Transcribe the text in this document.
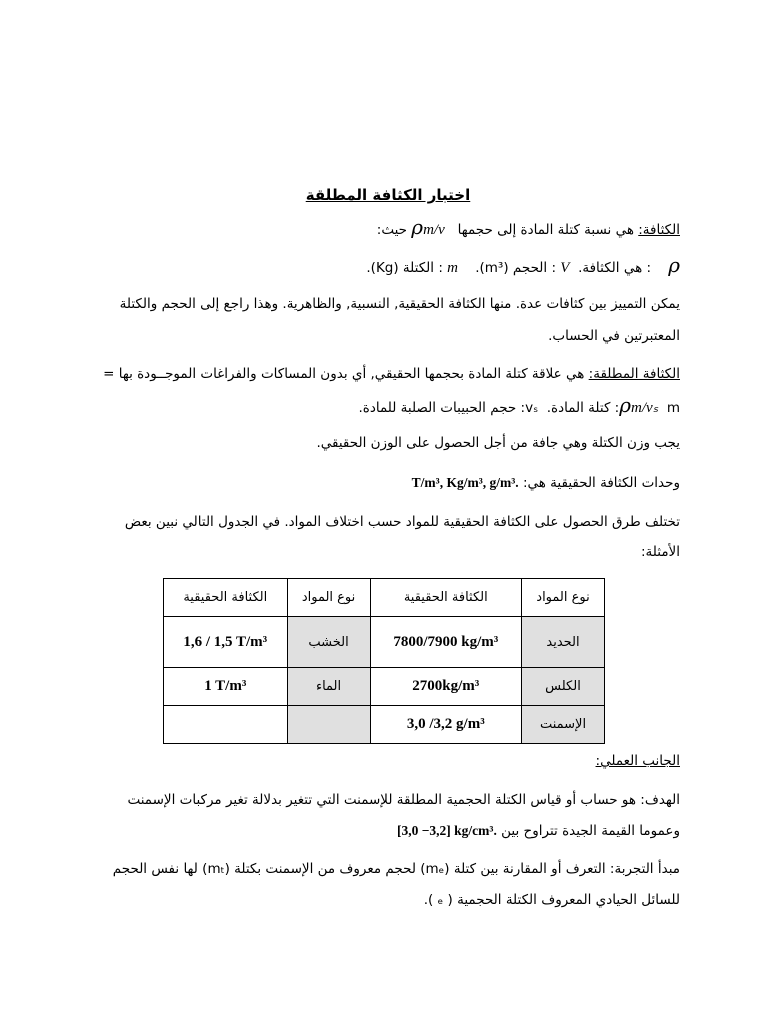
اختبار الكثافة المطلقة
الكثافة: هي نسبة كتلة المادة إلى حجمها   m/vρ حيث:
ρ    : هي الكثافة.  V : الحجم (m³).    m : الكتلة (Kg).
يمكن التمييز بين كثافات عدة. منها الكثافة الحقيقية, النسبية, والظاهرية. وهذا راجع إلى الحجم والكتلة
المعتبرتين في الحساب.
الكثافة المطلقة: هي علاقة كتلة المادة بحجمها الحقيقي, أي بدون المساكات والفراغات الموجــودة بها =
ρm/vₛ  m: كتلة المادة.  vₛ: حجم الحبيبات الصلبة للمادة.
يجب وزن الكتلة وهي جافة من أجل الحصول على الوزن الحقيقي.
وحدات الكثافة الحقيقية هي: T/m³, Kg/m³, g/m³.
تختلف طرق الحصول على الكثافة الحقيقية للمواد حسب اختلاف المواد. في الجدول التالي نبين بعض
الأمثلة:
نوع المواد	الكثافة الحقيقية	نوع المواد	الكثافة الحقيقية
الحديد	7800/7900 kg/m³	الخشب	1,6 / 1,5 T/m³
الكلس	2700kg/m³	الماء	1 T/m³
الإسمنت	3,0 /3,2 g/m³		
الجانب العملي:
الهدف: هو حساب أو قياس الكتلة الحجمية المطلقة للإسمنت التي تتغير بدلالة تغير مركبات الإسمنت
وعموما القيمة الجيدة تتراوح بين [3,0 −3,2] kg/cm³.
مبدأ التجربة: التعرف أو المقارنة بين كتلة (mₑ) لحجم معروف من الإسمنت بكتلة (mₜ) لها نفس الحجم
للسائل الحيادي المعروف الكتلة الحجمية ( ₑ ).
